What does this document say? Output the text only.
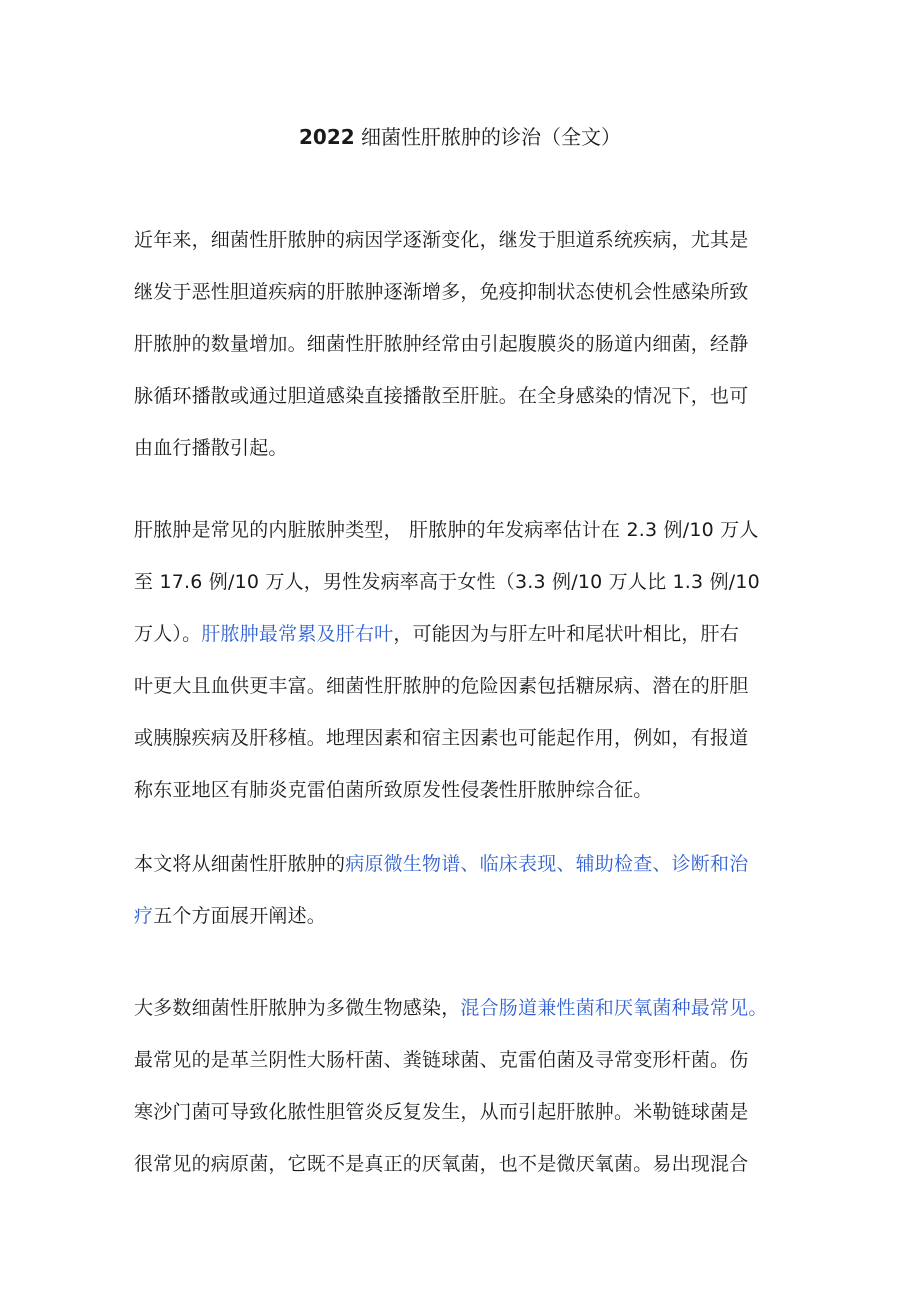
2022 细菌性肝脓肿的诊治（全文）
近年来，细菌性肝脓肿的病因学逐渐变化，继发于胆道系统疾病，尤其是
继发于恶性胆道疾病的肝脓肿逐渐增多，免疫抑制状态使机会性感染所致
肝脓肿的数量增加。细菌性肝脓肿经常由引起腹膜炎的肠道内细菌，经静
脉循环播散或通过胆道感染直接播散至肝脏。在全身感染的情况下，也可
由血行播散引起。
肝脓肿是常见的内脏脓肿类型， 肝脓肿的年发病率估计在 2.3 例/10 万人
至 17.6 例/10 万人，男性发病率高于女性（3.3 例/10 万人比 1.3 例/10
万人）。肝脓肿最常累及肝右叶，可能因为与肝左叶和尾状叶相比，肝右
叶更大且血供更丰富。细菌性肝脓肿的危险因素包括糖尿病、潜在的肝胆
或胰腺疾病及肝移植。地理因素和宿主因素也可能起作用，例如，有报道
称东亚地区有肺炎克雷伯菌所致原发性侵袭性肝脓肿综合征。
本文将从细菌性肝脓肿的病原微生物谱、临床表现、辅助检查、诊断和治
疗五个方面展开阐述。
大多数细菌性肝脓肿为多微生物感染，混合肠道兼性菌和厌氧菌种最常见。
最常见的是革兰阴性大肠杆菌、粪链球菌、克雷伯菌及寻常变形杆菌。伤
寒沙门菌可导致化脓性胆管炎反复发生，从而引起肝脓肿。米勒链球菌是
很常见的病原菌，它既不是真正的厌氧菌，也不是微厌氧菌。易出现混合
